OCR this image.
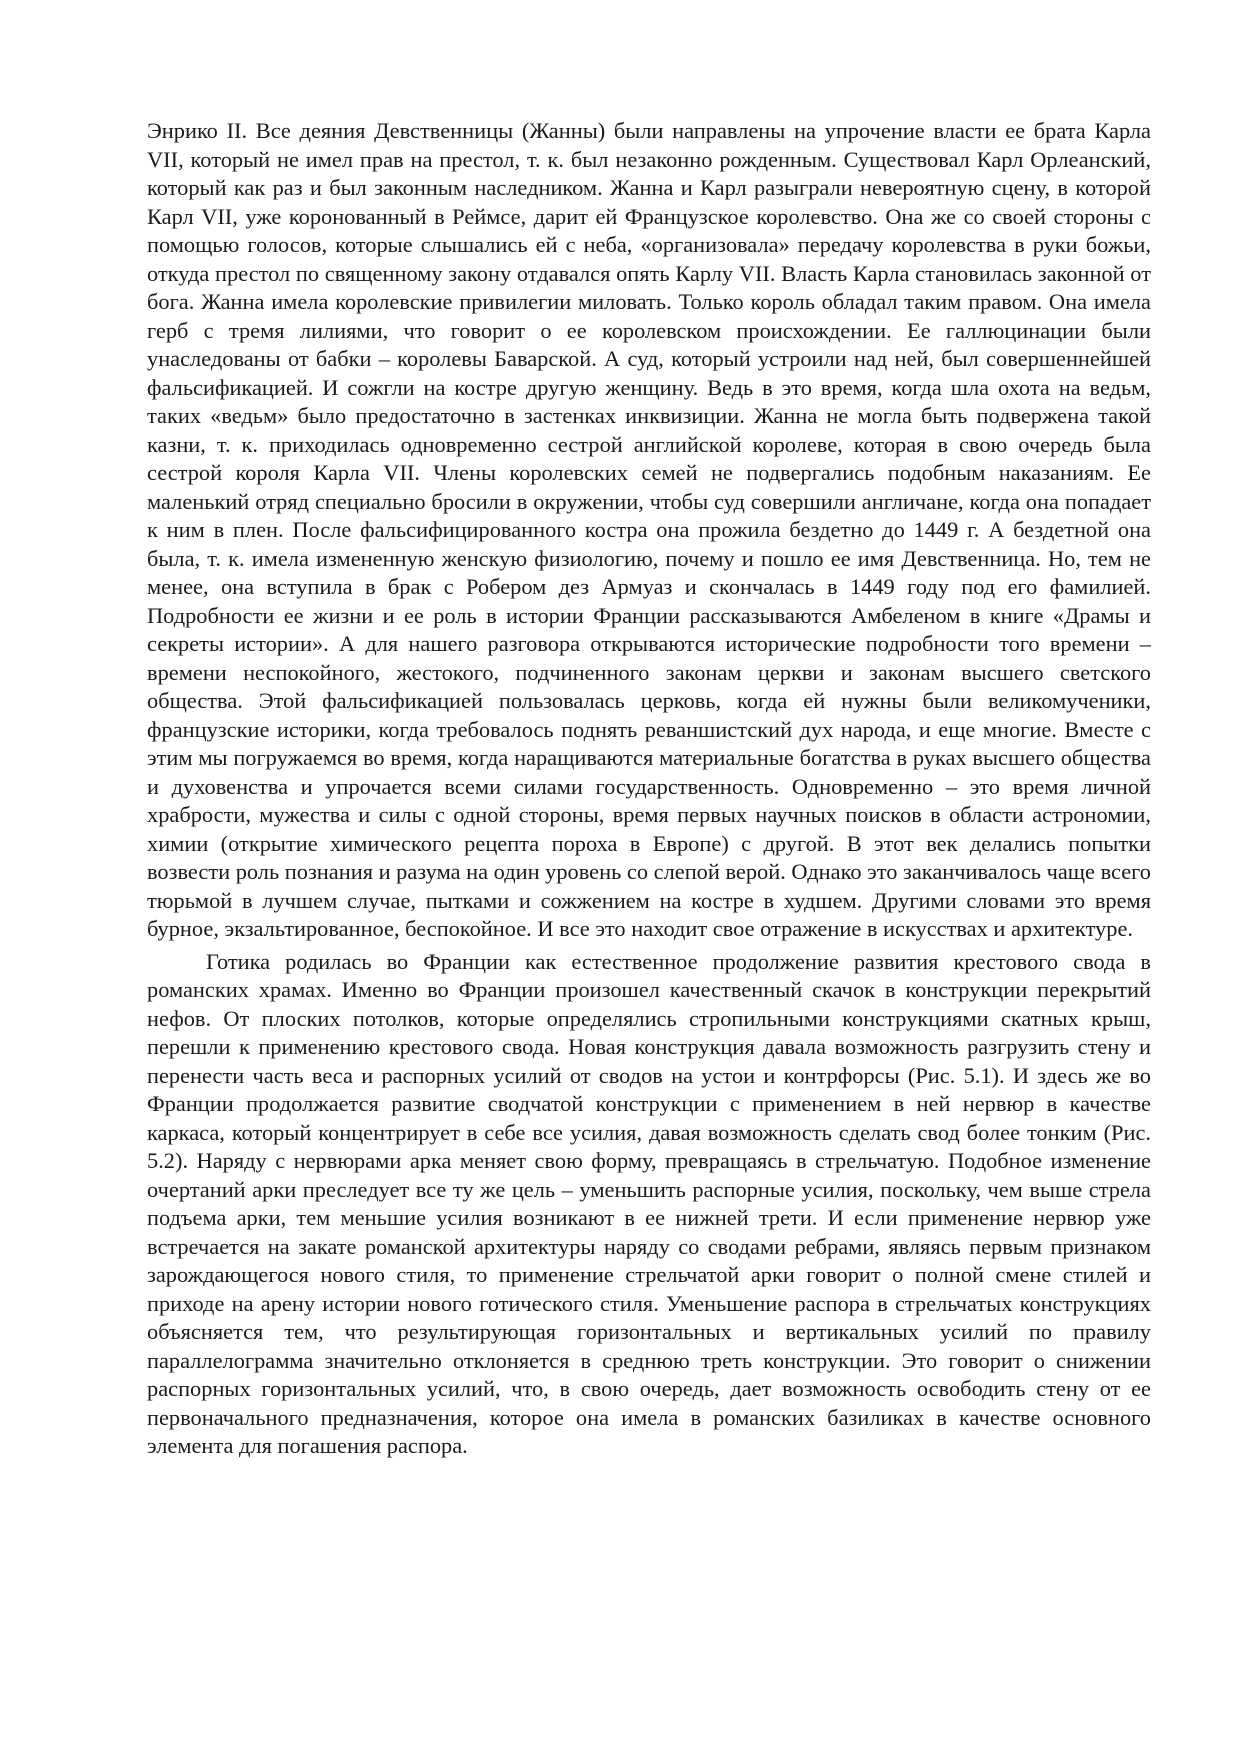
Энрико II. Все деяния Девственницы (Жанны) были направлены на упрочение власти ее брата Карла VII, который не имел прав на престол, т. к. был незаконно рожденным. Существовал Карл Орлеанский, который как раз и был законным наследником. Жанна и Карл разыграли невероятную сцену, в которой Карл VII, уже коронованный в Реймсе, дарит ей Французское королевство. Она же со своей стороны с помощью голосов, которые слышались ей с неба, «организовала» передачу королевства в руки божьи, откуда престол по священному закону отдавался опять Карлу VII. Власть Карла становилась законной от бога. Жанна имела королевские привилегии миловать. Только король обладал таким правом. Она имела герб с тремя лилиями, что говорит о ее королевском происхождении. Ее галлюцинации были унаследованы от бабки – королевы Баварской. А суд, который устроили над ней, был совершеннейшей фальсификацией. И сожгли на костре другую женщину. Ведь в это время, когда шла охота на ведьм, таких «ведьм» было предостаточно в застенках инквизиции. Жанна не могла быть подвержена такой казни, т. к. приходилась одновременно сестрой английской королеве, которая в свою очередь была сестрой короля Карла VII. Члены королевских семей не подвергались подобным наказаниям. Ее маленький отряд специально бросили в окружении, чтобы суд совершили англичане, когда она попадает к ним в плен. После фальсифицированного костра она прожила бездетно до 1449 г. А бездетной она была, т. к. имела измененную женскую физиологию, почему и пошло ее имя Девственница. Но, тем не менее, она вступила в брак с Робером дез Армуаз и скончалась в 1449 году под его фамилией. Подробности ее жизни и ее роль в истории Франции рассказываются Амбеленом в книге «Драмы и секреты истории». А для нашего разговора открываются исторические подробности того времени – времени неспокойного, жестокого, подчиненного законам церкви и законам высшего светского общества. Этой фальсификацией пользовалась церковь, когда ей нужны были великомученики, французские историки, когда требовалось поднять реваншистский дух народа, и еще многие. Вместе с этим мы погружаемся во время, когда наращиваются материальные богатства в руках высшего общества и духовенства и упрочается всеми силами государственность. Одновременно – это время личной храбрости, мужества и силы с одной стороны, время первых научных поисков в области астрономии, химии (открытие химического рецепта пороха в Европе) с другой. В этот век делались попытки возвести роль познания и разума на один уровень со слепой верой. Однако это заканчивалось чаще всего тюрьмой в лучшем случае, пытками и сожжением на костре в худшем. Другими словами это время бурное, экзальтированное, беспокойное. И все это находит свое отражение в искусствах и архитектуре.

Готика родилась во Франции как естественное продолжение развития крестового свода в романских храмах. Именно во Франции произошел качественный скачок в конструкции перекрытий нефов. От плоских потолков, которые определялись стропильными конструкциями скатных крыш, перешли к применению крестового свода. Новая конструкция давала возможность разгрузить стену и перенести часть веса и распорных усилий от сводов на устои и контрфорсы (Рис. 5.1). И здесь же во Франции продолжается развитие сводчатой конструкции с применением в ней нервюр в качестве каркаса, который концентрирует в себе все усилия, давая возможность сделать свод более тонким (Рис. 5.2). Наряду с нервюрами арка меняет свою форму, превращаясь в стрельчатую. Подобное изменение очертаний арки преследует все ту же цель – уменьшить распорные усилия, поскольку, чем выше стрела подъема арки, тем меньшие усилия возникают в ее нижней трети. И если применение нервюр уже встречается на закате романской архитектуры наряду со сводами ребрами, являясь первым признаком зарождающегося нового стиля, то применение стрельчатой арки говорит о полной смене стилей и приходе на арену истории нового готического стиля. Уменьшение распора в стрельчатых конструкциях объясняется тем, что результирующая горизонтальных и вертикальных усилий по правилу параллелограмма значительно отклоняется в среднюю треть конструкции. Это говорит о снижении распорных горизонтальных усилий, что, в свою очередь, дает возможность освободить стену от ее первоначального предназначения, которое она имела в романских базиликах в качестве основного элемента для погашения распора.
